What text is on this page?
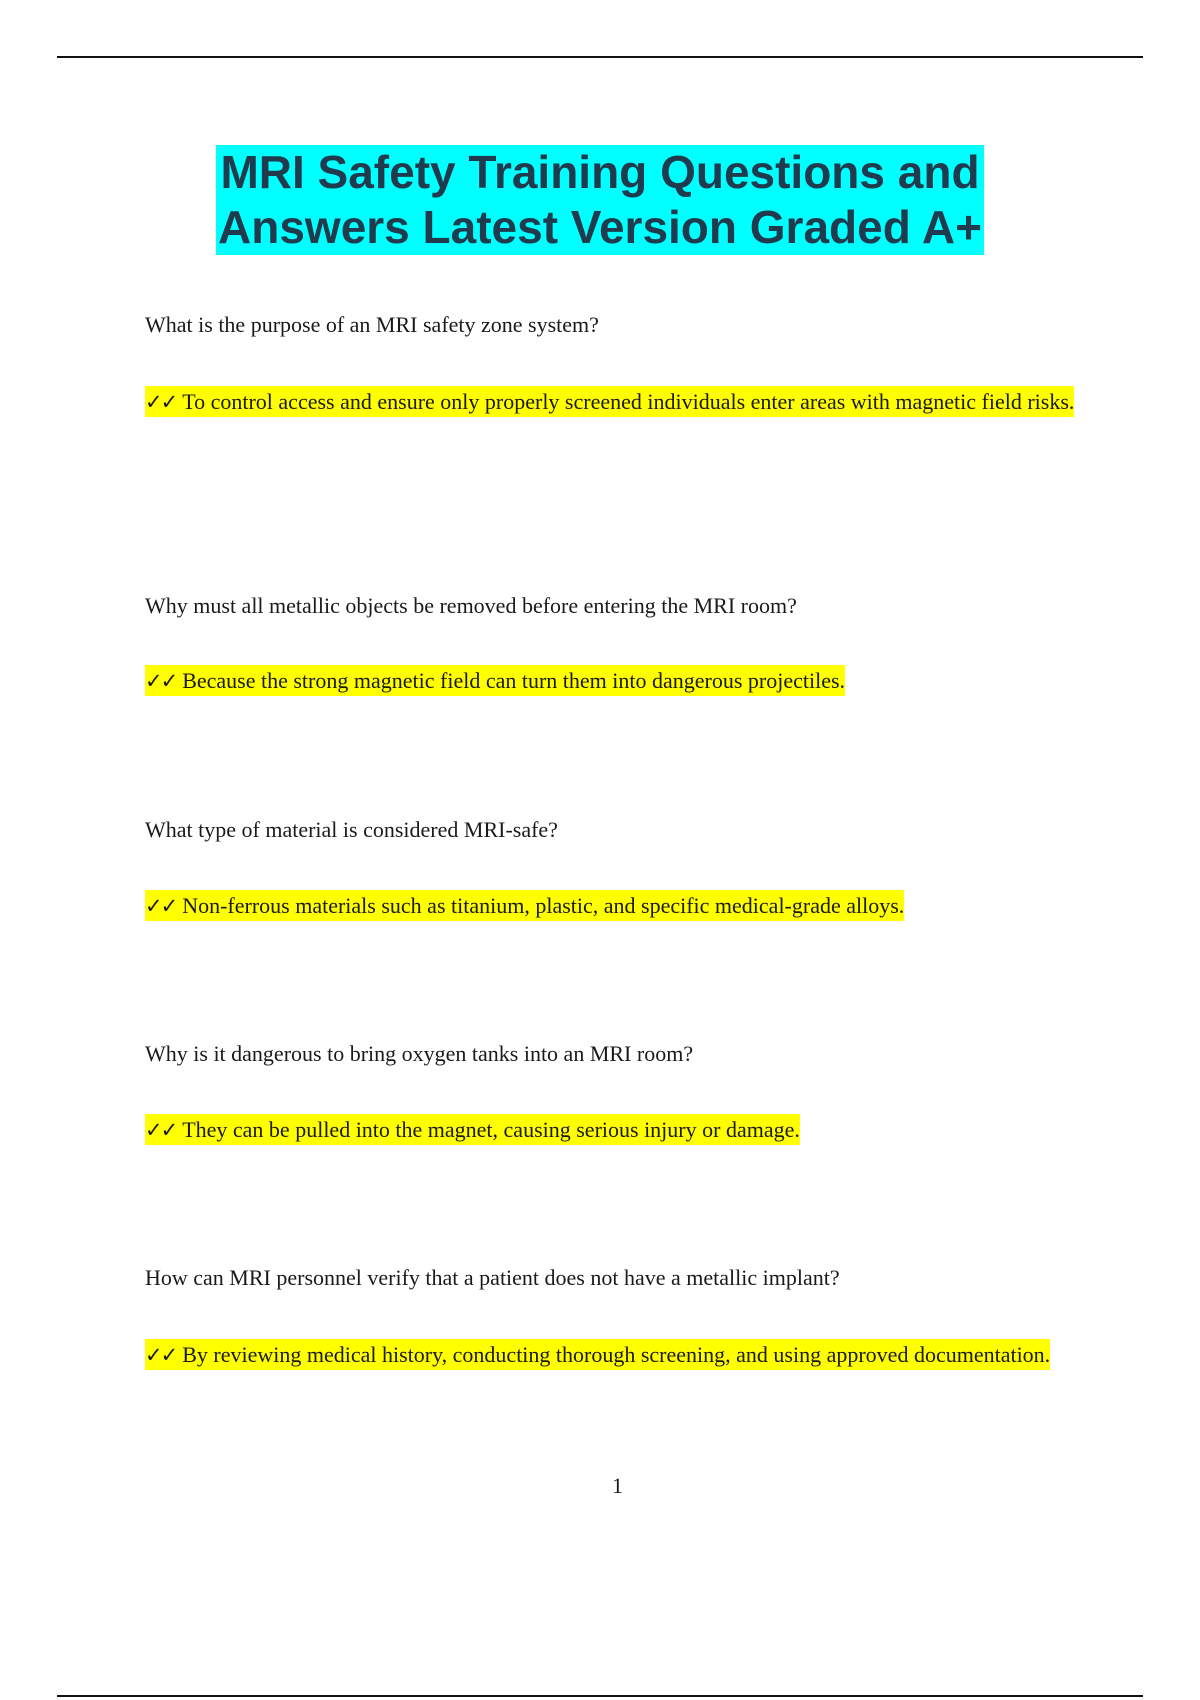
MRI Safety Training Questions and
Answers Latest Version Graded A+
What is the purpose of an MRI safety zone system?
✓✓ To control access and ensure only properly screened individuals enter areas with magnetic field risks.
Why must all metallic objects be removed before entering the MRI room?
✓✓ Because the strong magnetic field can turn them into dangerous projectiles.
What type of material is considered MRI-safe?
✓✓ Non-ferrous materials such as titanium, plastic, and specific medical-grade alloys.
Why is it dangerous to bring oxygen tanks into an MRI room?
✓✓ They can be pulled into the magnet, causing serious injury or damage.
How can MRI personnel verify that a patient does not have a metallic implant?
✓✓ By reviewing medical history, conducting thorough screening, and using approved documentation.
1
